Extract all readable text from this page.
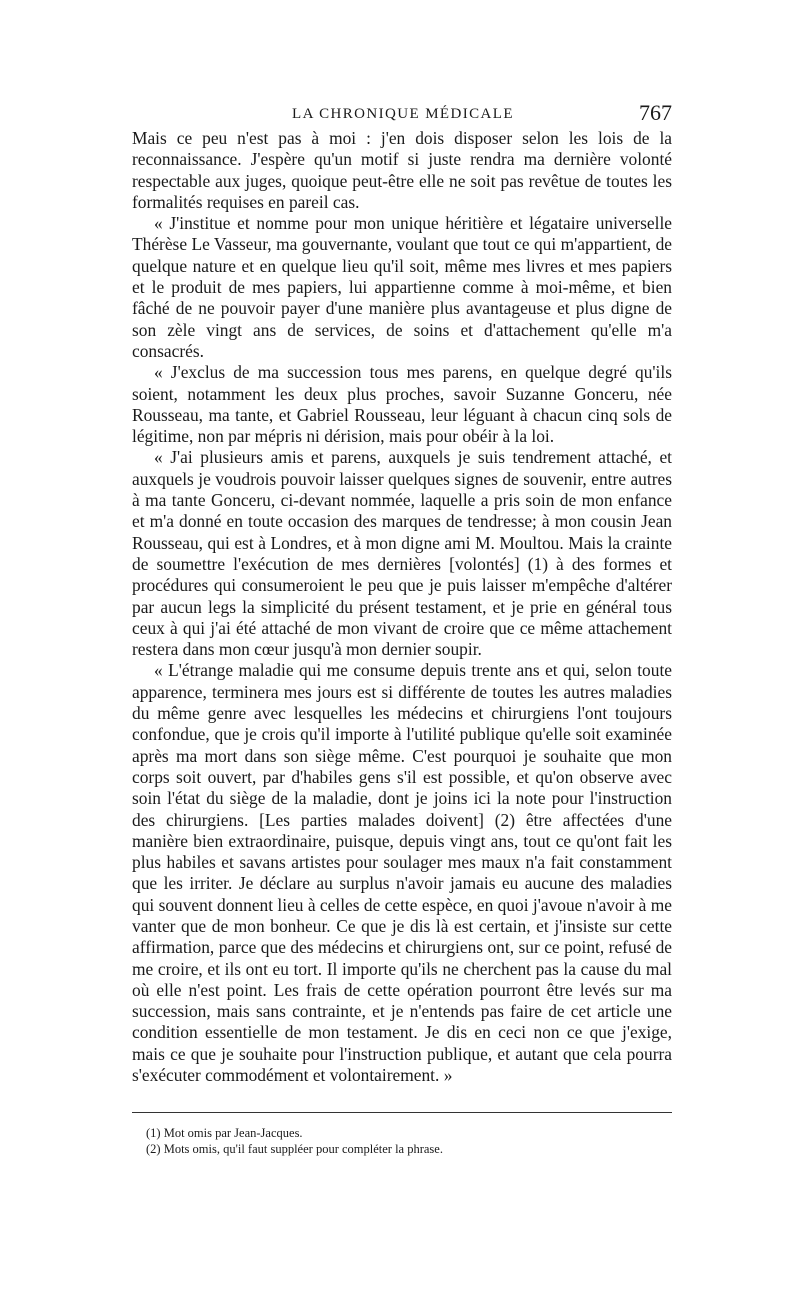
LA CHRONIQUE MÉDICALE	767

Mais ce peu n'est pas à moi : j'en dois disposer selon les lois de la reconnaissance. J'espère qu'un motif si juste rendra ma dernière volonté respectable aux juges, quoique peut-être elle ne soit pas revêtue de toutes les formalités requises en pareil cas.

« J'institue et nomme pour mon unique héritière et légataire universelle Thérèse Le Vasseur, ma gouvernante, voulant que tout ce qui m'appartient, de quelque nature et en quelque lieu qu'il soit, même mes livres et mes papiers et le produit de mes papiers, lui appartienne comme à moi-même, et bien fâché de ne pouvoir payer d'une manière plus avantageuse et plus digne de son zèle vingt ans de services, de soins et d'attachement qu'elle m'a consacrés.

« J'exclus de ma succession tous mes parens, en quelque degré qu'ils soient, notamment les deux plus proches, savoir Suzanne Gonceru, née Rousseau, ma tante, et Gabriel Rousseau, leur léguant à chacun cinq sols de légitime, non par mépris ni dérision, mais pour obéir à la loi.

« J'ai plusieurs amis et parens, auxquels je suis tendrement attaché, et auxquels je voudrois pouvoir laisser quelques signes de souvenir, entre autres à ma tante Gonceru, ci-devant nommée, laquelle a pris soin de mon enfance et m'a donné en toute occasion des marques de tendresse; à mon cousin Jean Rousseau, qui est à Londres, et à mon digne ami M. Moultou. Mais la crainte de soumettre l'exécution de mes dernières [volontés] (1) à des formes et procédures qui consumeroient le peu que je puis laisser m'empêche d'altérer par aucun legs la simplicité du présent testament, et je prie en général tous ceux à qui j'ai été attaché de mon vivant de croire que ce même attachement restera dans mon cœur jusqu'à mon dernier soupir.

« L'étrange maladie qui me consume depuis trente ans et qui, selon toute apparence, terminera mes jours est si différente de toutes les autres maladies du même genre avec lesquelles les médecins et chirurgiens l'ont toujours confondue, que je crois qu'il importe à l'utilité publique qu'elle soit examinée après ma mort dans son siège même. C'est pourquoi je souhaite que mon corps soit ouvert, par d'habiles gens s'il est possible, et qu'on observe avec soin l'état du siège de la maladie, dont je joins ici la note pour l'instruction des chirurgiens. [Les parties malades doivent] (2) être affectées d'une manière bien extraordinaire, puisque, depuis vingt ans, tout ce qu'ont fait les plus habiles et savans artistes pour soulager mes maux n'a fait constamment que les irriter. Je déclare au surplus n'avoir jamais eu aucune des maladies qui souvent donnent lieu à celles de cette espèce, en quoi j'avoue n'avoir à me vanter que de mon bonheur. Ce que je dis là est certain, et j'insiste sur cette affirmation, parce que des médecins et chirurgiens ont, sur ce point, refusé de me croire, et ils ont eu tort. Il importe qu'ils ne cherchent pas la cause du mal où elle n'est point. Les frais de cette opération pourront être levés sur ma succession, mais sans contrainte, et je n'entends pas faire de cet article une condition essentielle de mon testament. Je dis en ceci non ce que j'exige, mais ce que je souhaite pour l'instruction publique, et autant que cela pourra s'exécuter commodément et volontairement. »

(1) Mot omis par Jean-Jacques.

(2) Mots omis, qu'il faut suppléer pour compléter la phrase.
